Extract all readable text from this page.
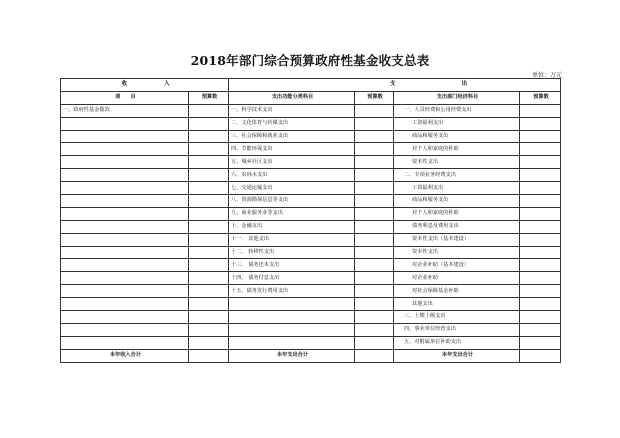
2018年部门综合预算政府性基金收支总表
单位：万元
收 入		支 出			

项　　目	预算数	支出功能分类科目	预算数	支出部门经济科目	预算数
一、政府性基金拨款		一、科学技术支出		一、人员经费和公用经费支出	
		二、文化体育与传媒支出		工资福利支出	
		三、社会保障和就业支出		商品和服务支出	
		四、节能环保支出		对个人和家庭的补助	
		五、城乡社区支出		资本性支出	
		六、农林水支出		二、专项业务经费支出	
		七、交通运输支出		工资福利支出	
		八、资源勘探信息等支出		商品和服务支出	
		九、商业服务业等支出		对个人和家庭的补助	
		十、金融支出		债务利息及费用支出	
		十一、 其他支出		资本性支出（基本建设）	
		十二、 转移性支出		资本性支出	
		十三、 债务还本支出		对企业补助（基本建设）	
		十四、 债务付息支出		对企业补助	
		十五、债务发行费用支出		对社会保障基金补助	
				其他支出	
				三、上缴上级支出	
				四、事业单位经营支出	
				五、对附属单位补助支出	
本年收入合计		本年支出合计		本年支出合计	
